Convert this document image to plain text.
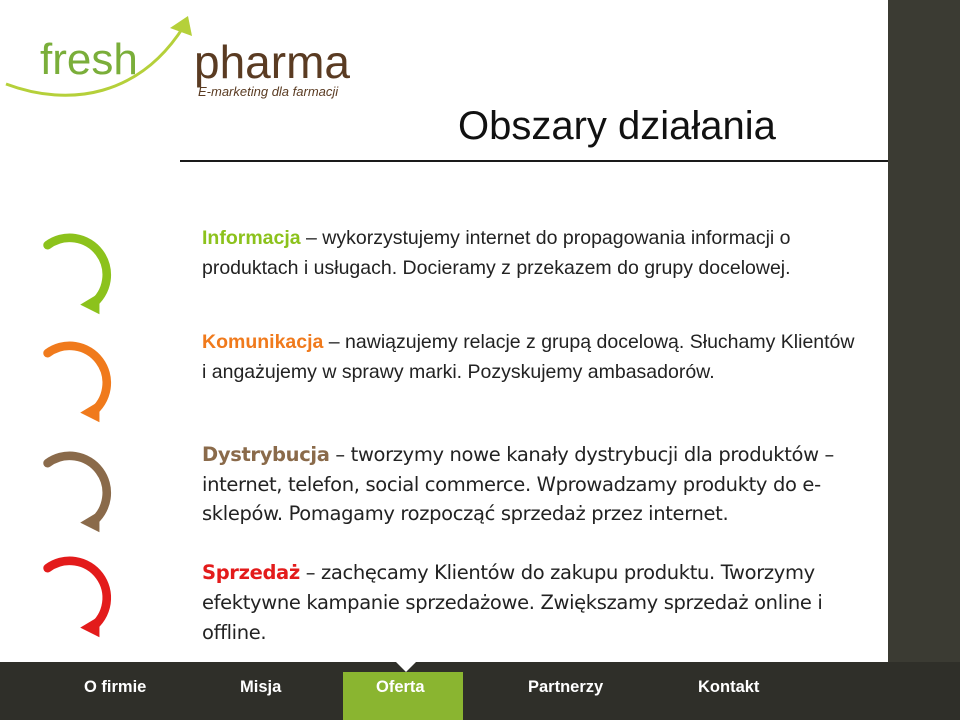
fresh pharma
E-marketing dla farmacji
Obszary działania
Informacja – wykorzystujemy internet do propagowania informacji o produktach i usługach. Docieramy z przekazem do grupy docelowej.
Komunikacja – nawiązujemy relacje z grupą docelową. Słuchamy Klientów i angażujemy w sprawy marki. Pozyskujemy ambasadorów.
Dystrybucja – tworzymy nowe kanały dystrybucji dla produktów – internet, telefon, social commerce. Wprowadzamy produkty do e-sklepów. Pomagamy rozpocząć sprzedaż przez internet.
Sprzedaż – zachęcamy Klientów do zakupu produktu. Tworzymy efektywne kampanie sprzedażowe. Zwiększamy sprzedaż online i offline.
O firmie	Misja	Oferta	Partnerzy	Kontakt
